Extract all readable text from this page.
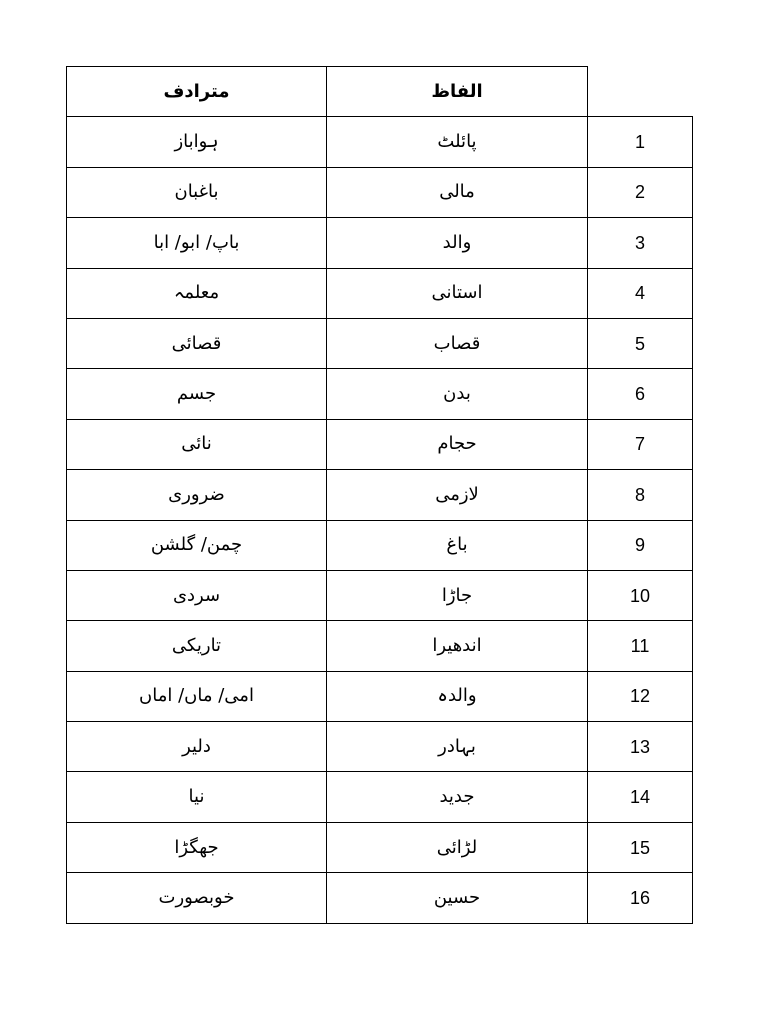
مترادف	الفاظ	
ہواباز	پائلٹ	1
باغبان	مالی	2
باپ/ ابو/ ابا	والد	3
معلمہ	استانی	4
قصائی	قصاب	5
جسم	بدن	6
نائی	حجام	7
ضروری	لازمی	8
چمن/ گلشن	باغ	9
سردی	جاڑا	10
تاریکی	اندھیرا	11
امی/ ماں/ اماں	والدہ	12
دلیر	بہادر	13
نیا	جدید	14
جھگڑا	لڑائی	15
خوبصورت	حسین	16
